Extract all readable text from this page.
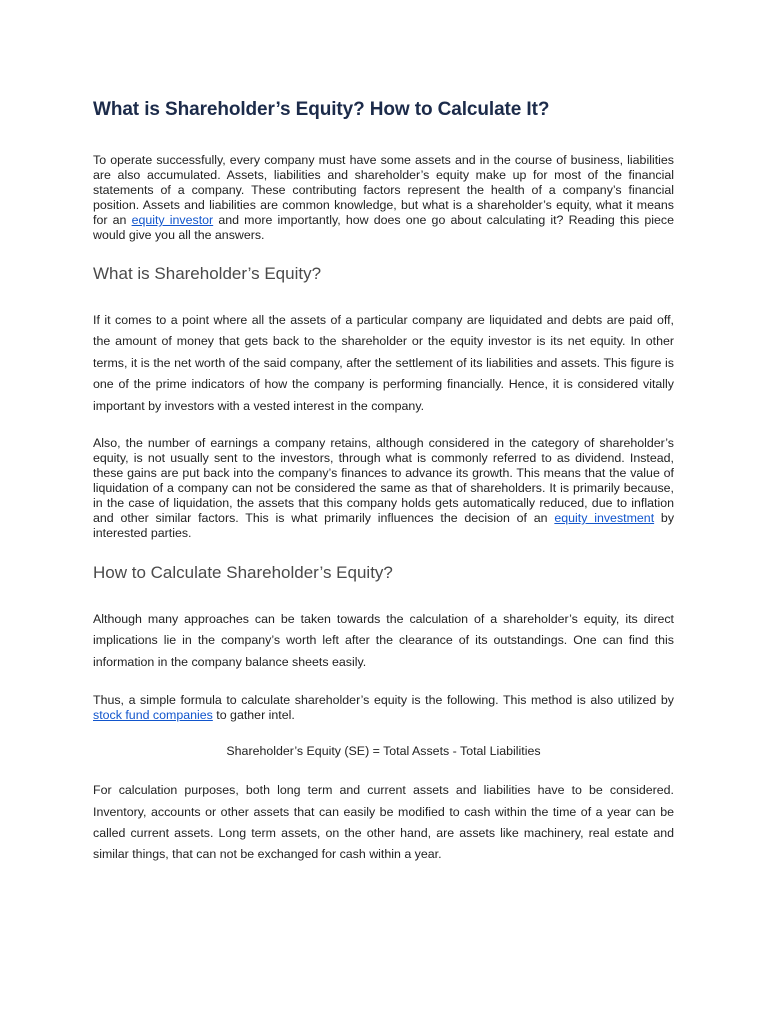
What is Shareholder’s Equity? How to Calculate It?

To operate successfully, every company must have some assets and in the course of business, liabilities are also accumulated. Assets, liabilities and shareholder’s equity make up for most of the financial statements of a company. These contributing factors represent the health of a company’s financial position. Assets and liabilities are common knowledge, but what is a shareholder’s equity, what it means for an equity investor and more importantly, how does one go about calculating it? Reading this piece would give you all the answers.

What is Shareholder’s Equity?

If it comes to a point where all the assets of a particular company are liquidated and debts are paid off, the amount of money that gets back to the shareholder or the equity investor is its net equity. In other terms, it is the net worth of the said company, after the settlement of its liabilities and assets. This figure is one of the prime indicators of how the company is performing financially. Hence, it is considered vitally important by investors with a vested interest in the company.

Also, the number of earnings a company retains, although considered in the category of shareholder’s equity, is not usually sent to the investors, through what is commonly referred to as dividend. Instead, these gains are put back into the company’s finances to advance its growth. This means that the value of liquidation of a company can not be considered the same as that of shareholders. It is primarily because, in the case of liquidation, the assets that this company holds gets automatically reduced, due to inflation and other similar factors. This is what primarily influences the decision of an equity investment by interested parties.

How to Calculate Shareholder’s Equity?

Although many approaches can be taken towards the calculation of a shareholder’s equity, its direct implications lie in the company’s worth left after the clearance of its outstandings. One can find this information in the company balance sheets easily.

Thus, a simple formula to calculate shareholder’s equity is the following. This method is also utilized by stock fund companies to gather intel.

Shareholder’s Equity (SE) = Total Assets - Total Liabilities

For calculation purposes, both long term and current assets and liabilities have to be considered. Inventory, accounts or other assets that can easily be modified to cash within the time of a year can be called current assets. Long term assets, on the other hand, are assets like machinery, real estate and similar things, that can not be exchanged for cash within a year.
